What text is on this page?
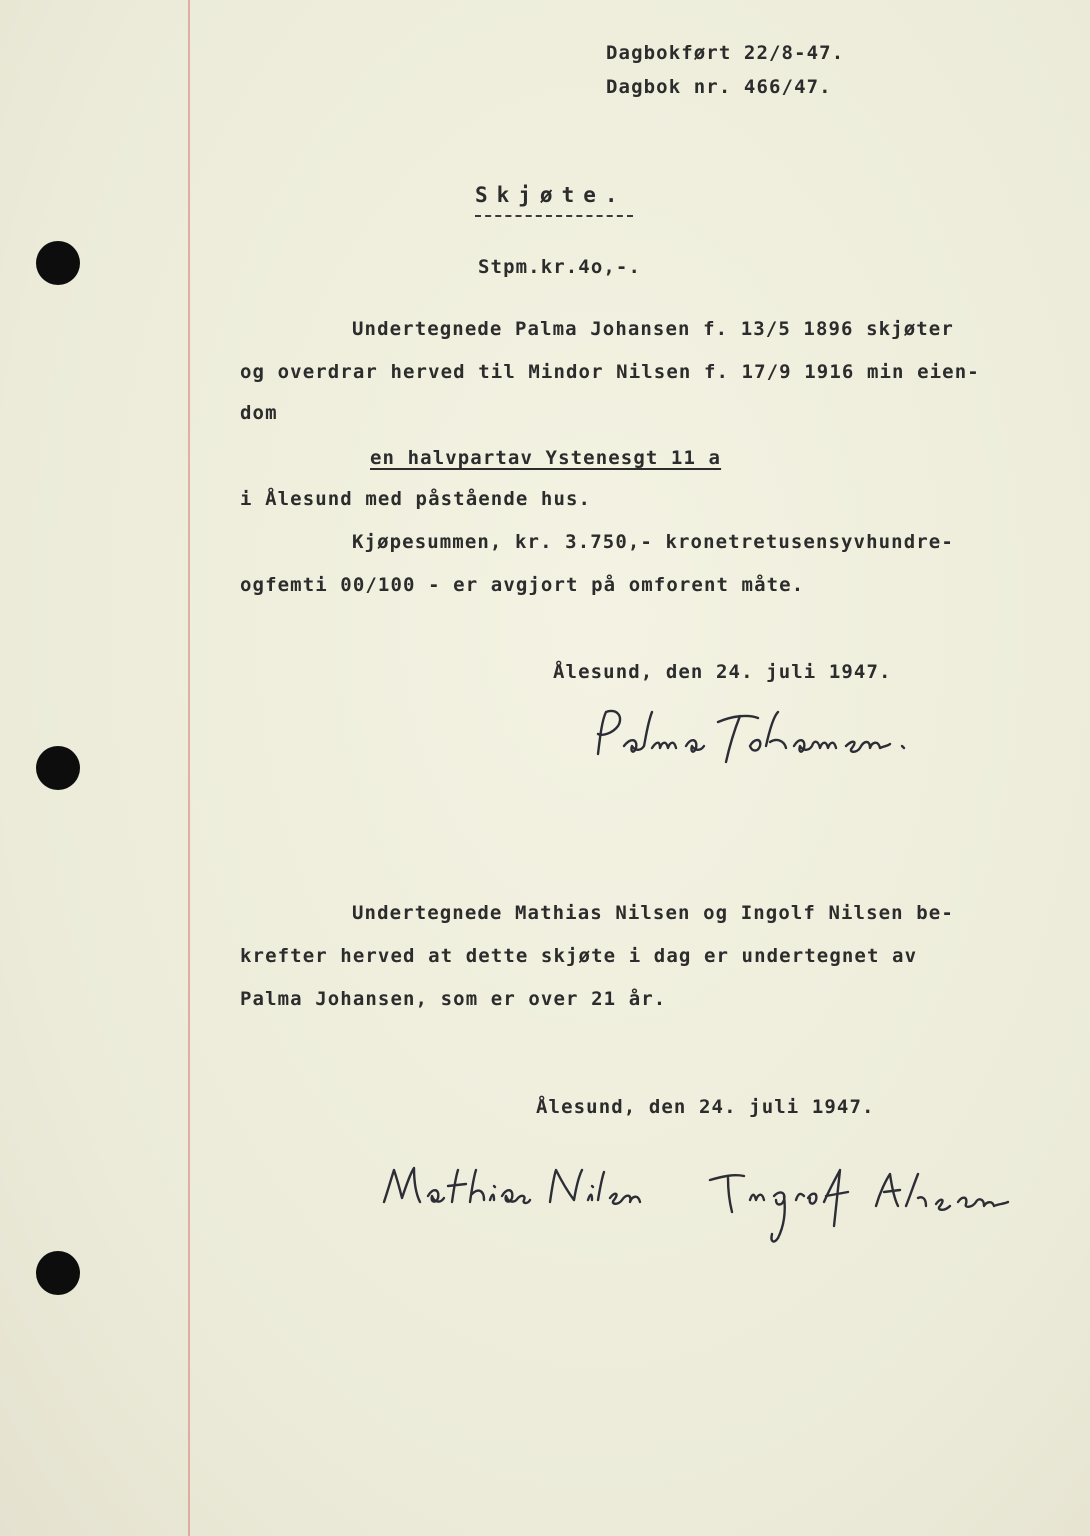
Dagbokført 22/8-47.
Dagbok nr. 466/47.
Skjøte.
Stpm.kr.4o,-.
Undertegnede Palma Johansen f. 13/5 1896 skjøter
og overdrar herved til Mindor Nilsen f. 17/9 1916 min eien-
dom
en halvpartav Ystenesgt 11 a
i Ålesund med påstående hus.
Kjøpesummen, kr. 3.750,- kronetretusensyvhundre-
ogfemti 00/100 - er avgjort på omforent måte.
Ålesund, den 24. juli 1947.
Undertegnede Mathias Nilsen og Ingolf Nilsen be-
krefter herved at dette skjøte i dag er undertegnet av
Palma Johansen, som er over 21 år.
Ålesund, den 24. juli 1947.
